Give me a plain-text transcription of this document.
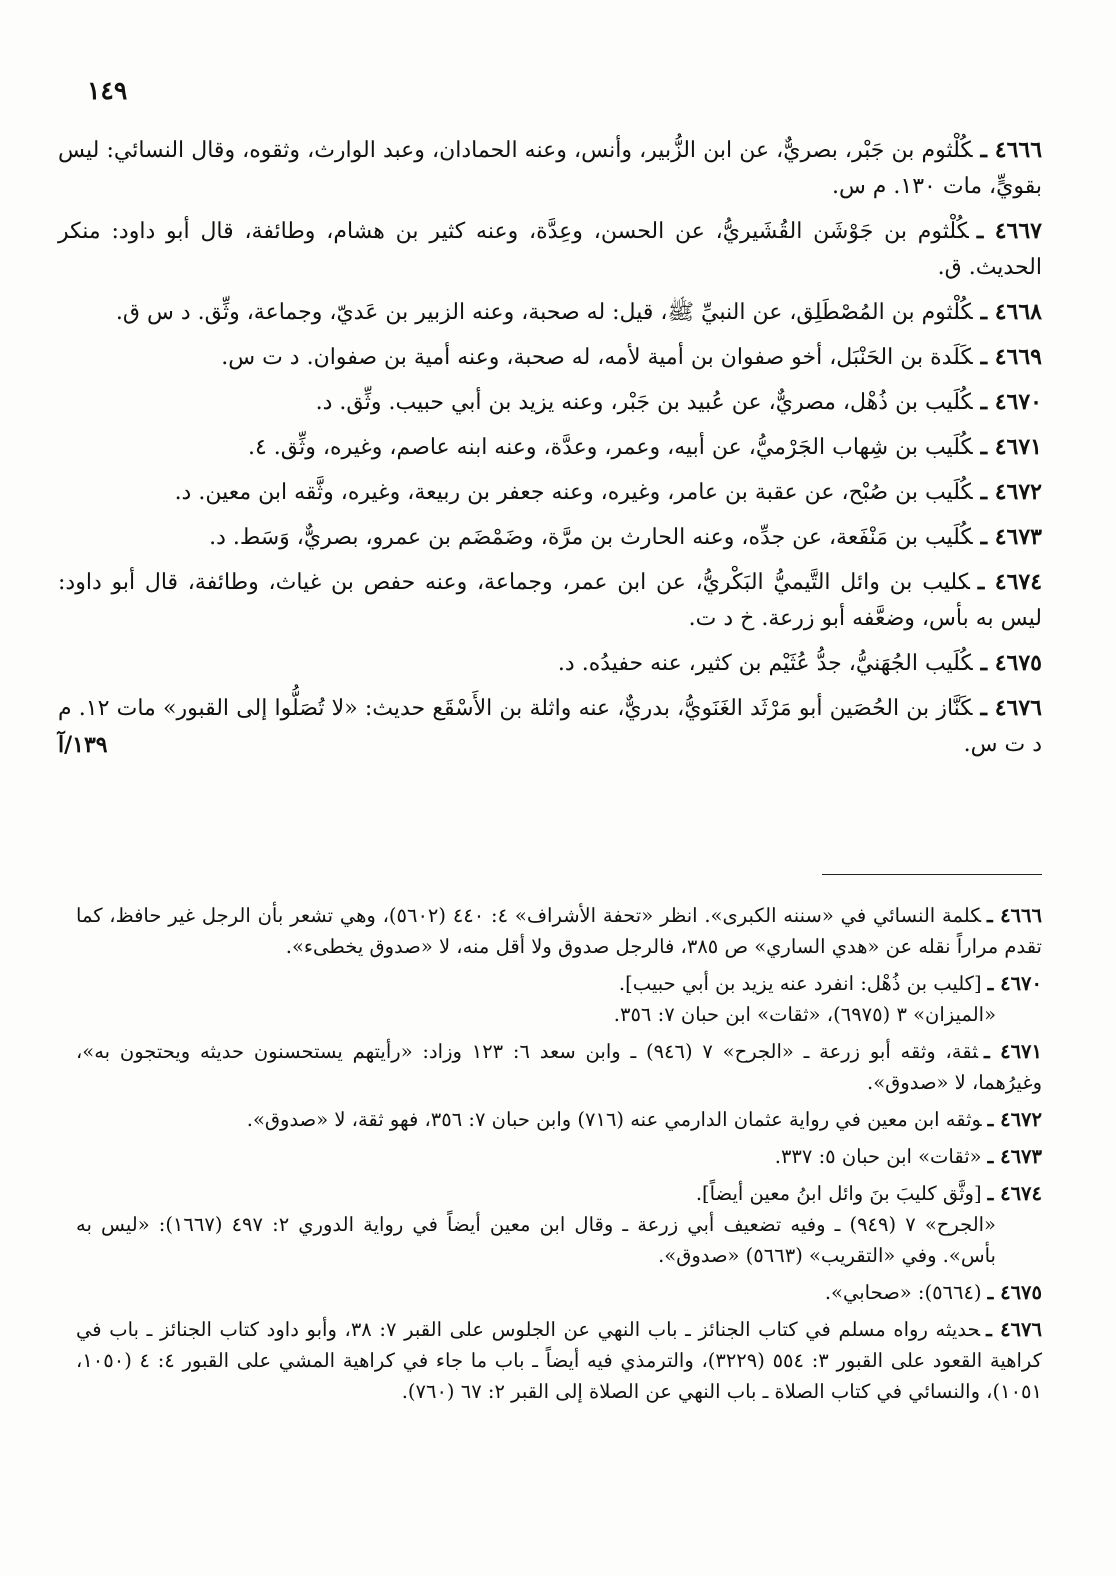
١٤٩

٤٦٦٦ ـكُلْثوم بن جَبْر، بصريٌّ، عن ابن الزُّبير، وأنس، وعنه الحمادان، وعبد الوارث، وثقوه، وقال النسائي: ليس بقويٍّ، مات ١٣٠. م س.

٤٦٦٧ ـكُلْثوم بن جَوْشَن القُشَيريُّ، عن الحسن، وعِدَّة، وعنه كثير بن هشام، وطائفة، قال أبو داود: منكر الحديث. ق.

٤٦٦٨ ـكُلْثوم بن المُصْطَلِق، عن النبيِّ ﷺ، قيل: له صحبة، وعنه الزبير بن عَديّ، وجماعة، وثِّق. د س ق.

٤٦٦٩ ـكَلَدة بن الحَنْبَل، أخو صفوان بن أمية لأمه، له صحبة، وعنه أمية بن صفوان. د ت س.

٤٦٧٠ ـكُلَيب بن ذُهْل، مصريٌّ، عن عُبيد بن جَبْر، وعنه يزيد بن أبي حبيب. وثِّق. د.

٤٦٧١ ـكُلَيب بن شِهاب الجَرْميُّ، عن أبيه، وعمر، وعدَّة، وعنه ابنه عاصم، وغيره، وثِّق. ٤.

٤٦٧٢ ـكُلَيب بن صُبْح، عن عقبة بن عامر، وغيره، وعنه جعفر بن ربيعة، وغيره، وثَّقه ابن معين. د.

٤٦٧٣ ـكُلَيب بن مَنْفَعة، عن جدِّه، وعنه الحارث بن مرَّة، وضَمْضَم بن عمرو، بصريٌّ، وَسَط. د.

٤٦٧٤ ـكليب بن وائل التَّيميُّ البَكْريُّ، عن ابن عمر، وجماعة، وعنه حفص بن غياث، وطائفة، قال أبو داود: ليس به بأس، وضعَّفه أبو زرعة. خ د ت.

٤٦٧٥ ـكُلَيب الجُهَنيُّ، جدُّ عُثَيْم بن كثير، عنه حفيدُه. د.

٤٦٧٦ ـكَنَّاز بن الحُصَين أبو مَرْثَد الغَنَويُّ، بدريٌّ، عنه واثلة بن الأَسْقَع حديث: «لا تُصَلُّوا إلى القبور» مات ١٢. م د ت س.
١٣٩/آ

٤٦٦٦ ـكلمة النسائي في «سننه الكبرى». انظر «تحفة الأشراف» ٤: ٤٤٠ (٥٦٠٢)، وهي تشعر بأن الرجل غير حافظ، كما تقدم مراراً نقله عن «هدي الساري» ص ٣٨٥، فالرجل صدوق ولا أقل منه، لا «صدوق يخطىء».

٤٦٧٠ ـ[كليب بن ذُهْل: انفرد عنه يزيد بن أبي حبيب].
«الميزان» ٣ (٦٩٧٥)، «ثقات» ابن حبان ٧: ٣٥٦.

٤٦٧١ ـثقة، وثقه أبو زرعة ـ «الجرح» ٧ (٩٤٦) ـ وابن سعد ٦: ١٢٣ وزاد: «رأيتهم يستحسنون حديثه ويحتجون به»، وغيرُهما، لا «صدوق».

٤٦٧٢ ـوثقه ابن معين في رواية عثمان الدارمي عنه (٧١٦) وابن حبان ٧: ٣٥٦، فهو ثقة، لا «صدوق».

٤٦٧٣ ـ«ثقات» ابن حبان ٥: ٣٣٧.

٤٦٧٤ ـ[وثَّق كليبَ بنَ وائل ابنُ معين أيضاً].
«الجرح» ٧ (٩٤٩) ـ وفيه تضعيف أبي زرعة ـ وقال ابن معين أيضاً في رواية الدوري ٢: ٤٩٧ (١٦٦٧): «ليس به بأس». وفي «التقريب» (٥٦٦٣) «صدوق».

٤٦٧٥ ـ(٥٦٦٤): «صحابي».

٤٦٧٦ ـحديثه رواه مسلم في كتاب الجنائز ـ باب النهي عن الجلوس على القبر ٧: ٣٨، وأبو داود كتاب الجنائز ـ باب في كراهية القعود على القبور ٣: ٥٥٤ (٣٢٢٩)، والترمذي فيه أيضاً ـ باب ما جاء في كراهية المشي على القبور ٤: ٤ (١٠٥٠، ١٠٥١)، والنسائي في كتاب الصلاة ـ باب النهي عن الصلاة إلى القبر ٢: ٦٧ (٧٦٠).
